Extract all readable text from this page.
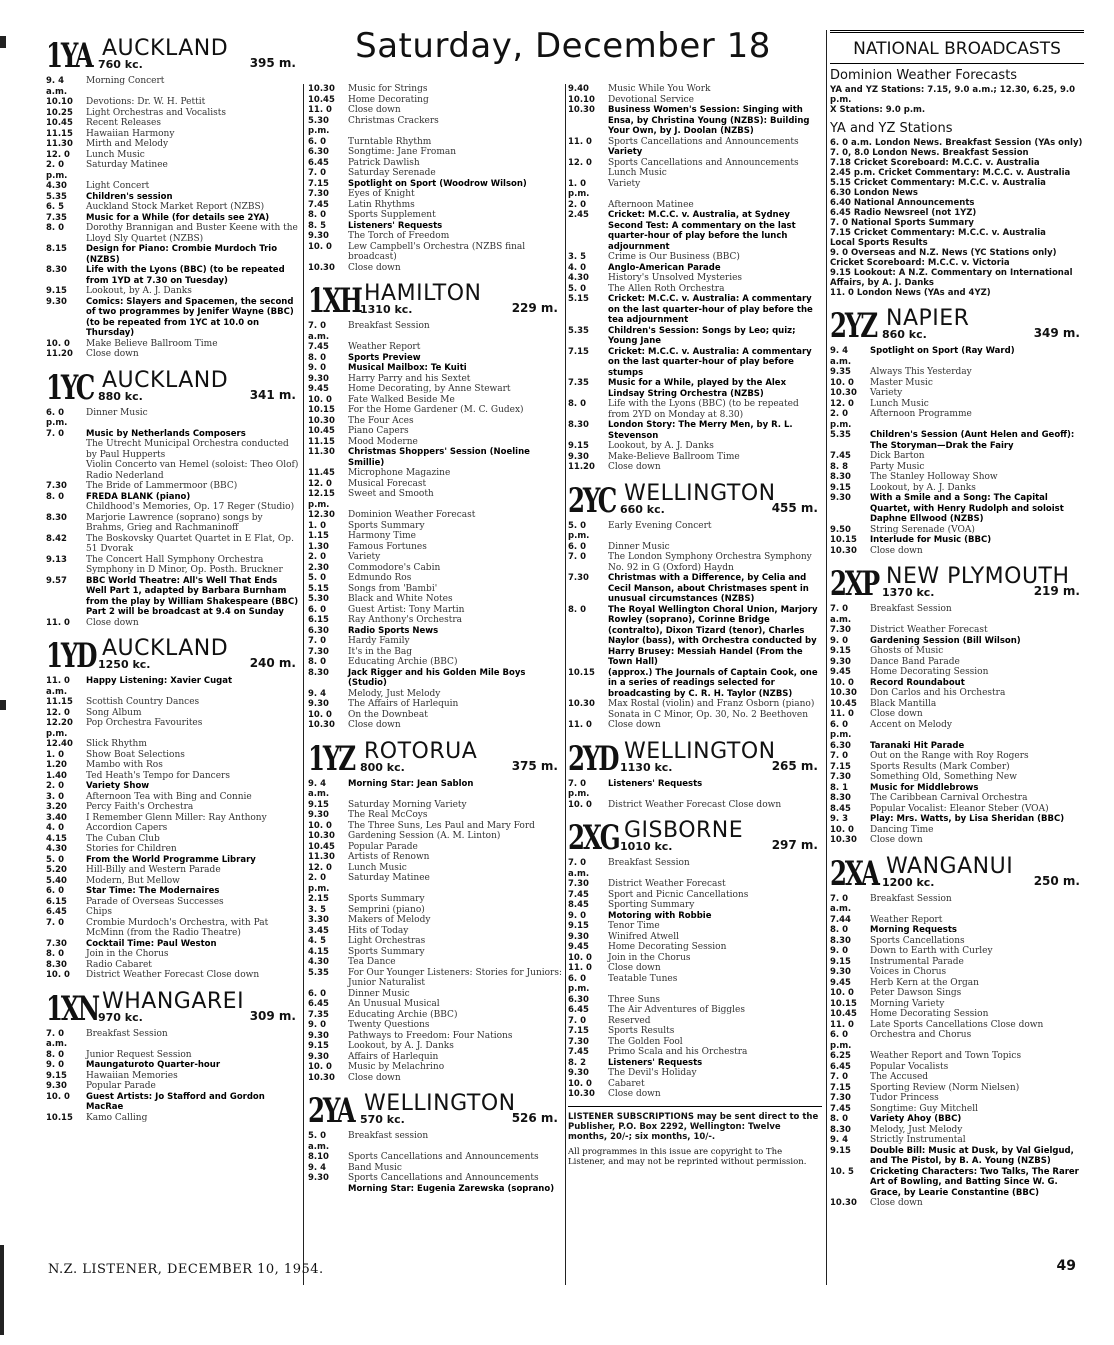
Saturday, December 18
1YA AUCKLAND
760 kc.	395 m.
9. 4 a.m.
Morning Concert
10.10	Devotions: Dr. W. H. Pettit
10.25	Light Orchestras and Vocalists
10.45	Recent Releases
11.15	Hawaiian Harmony
11.30	Mirth and Melody
12. 0	Lunch Music
2. 0 p.m.
Saturday Matinee
4.30	Light Concert
5.35	Children's session
6. 5	Auckland Stock Market Report (NZBS)
7.35	Music for a While (for details see 2YA)
8. 0	Dorothy Brannigan and Buster Keene with the Lloyd Sly Quartet (NZBS)
8.15	Design for Piano: Crombie Murdoch Trio (NZBS)
8.30	Life with the Lyons (BBC) (to be repeated from 1YD at 7.30 on Tuesday)
9.15	Lookout, by A. J. Danks
9.30	Comics: Slayers and Spacemen, the second of two programmes by Jenifer Wayne (BBC) (to be repeated from 1YC at 10.0 on Thursday)
10. 0	Make Believe Ballroom Time
11.20	Close down
1YC AUCKLAND
880 kc.	341 m.
6. 0 p.m.
Dinner Music
7. 0	Music by Netherlands Composers
The Utrecht Municipal Orchestra conducted by Paul Hupperts
Violin Concerto van Hemel (soloist: Theo Olof) Radio Nederland
7.30	The Bride of Lammermoor (BBC)
8. 0	FREDA BLANK (piano)
Childhood's Memories, Op. 17 Reger (Studio)
8.30	Marjorie Lawrence (soprano) songs by Brahms, Grieg and Rachmaninoff
8.42	The Boskovsky Quartet Quartet in E Flat, Op. 51 Dvorak
9.13	The Concert Hall Symphony Orchestra Symphony in D Minor, Op. Posth. Bruckner
9.57	BBC World Theatre: All's Well That Ends Well Part 1, adapted by Barbara Burnham from the play by William Shakespeare (BBC) Part 2 will be broadcast at 9.4 on Sunday
11. 0	Close down
1YD AUCKLAND
1250 kc.	240 m.
11. 0 a.m.
Happy Listening: Xavier Cugat
11.15	Scottish Country Dances
12. 0	Song Album
12.20 p.m.
Pop Orchestra Favourites
12.40	Slick Rhythm
1. 0	Show Boat Selections
1.20	Mambo with Ros
1.40	Ted Heath's Tempo for Dancers
2. 0	Variety Show
3. 0	Afternoon Tea with Bing and Connie
3.20	Percy Faith's Orchestra
3.40	I Remember Glenn Miller: Ray Anthony
4. 0	Accordion Capers
4.15	The Cuban Club
4.30	Stories for Children
5. 0	From the World Programme Library
5.20	Hill-Billy and Western Parade
5.40	Modern, But Mellow
6. 0	Star Time: The Modernaires
6.15	Parade of Overseas Successes
6.45	Chips
7. 0	Crombie Murdoch's Orchestra, with Pat McMinn (from the Radio Theatre)
7.30	Cocktail Time: Paul Weston
8. 0	Join in the Chorus
8.30	Radio Cabaret
10. 0	District Weather Forecast Close down
1XN WHANGAREI
970 kc.	309 m.
7. 0 a.m.
Breakfast Session
8. 0	Junior Request Session
9. 0	Maungaturoto Quarter-hour
9.15	Hawaiian Memories
9.30	Popular Parade
10. 0	Guest Artists: Jo Stafford and Gordon MacRae
10.15	Kamo Calling
10.30	Music for Strings
10.45	Home Decorating
11. 0	Close down
5.30 p.m.
Christmas Crackers
6. 0	Turntable Rhythm
6.30	Songtime: Jane Froman
6.45	Patrick Dawlish
7. 0	Saturday Serenade
7.15	Spotlight on Sport (Woodrow Wilson)
7.30	Eyes of Knight
7.45	Latin Rhythms
8. 0	Sports Supplement
8. 5	Listeners' Requests
9.30	The Torch of Freedom
10. 0	Lew Campbell's Orchestra (NZBS final broadcast)
10.30	Close down
1XH HAMILTON
1310 kc.	229 m.
7. 0 a.m.
Breakfast Session
7.45	Weather Report
8. 0	Sports Preview
9. 0	Musical Mailbox: Te Kuiti
9.30	Harry Parry and his Sextet
9.45	Home Decorating, by Anne Stewart
10. 0	Fate Walked Beside Me
10.15	For the Home Gardener (M. C. Gudex)
10.30	The Four Aces
10.45	Piano Capers
11.15	Mood Moderne
11.30	Christmas Shoppers' Session (Noeline Smillie)
11.45	Microphone Magazine
12. 0	Musical Forecast
12.15 p.m.
Sweet and Smooth
12.30	Dominion Weather Forecast
1. 0	Sports Summary
1.15	Harmony Time
1.30	Famous Fortunes
2. 0	Variety
2.30	Commodore's Cabin
5. 0	Edmundo Ros
5.15	Songs from 'Bambi'
5.30	Black and White Notes
6. 0	Guest Artist: Tony Martin
6.15	Ray Anthony's Orchestra
6.30	Radio Sports News
7. 0	Hardy Family
7.30	It's in the Bag
8. 0	Educating Archie (BBC)
8.30	Jack Rigger and his Golden Mile Boys (Studio)
9. 4	Melody, Just Melody
9.30	The Affairs of Harlequin
10. 0	On the Downbeat
10.30	Close down
1YZ ROTORUA
800 kc.	375 m.
9. 4 a.m.
Morning Star: Jean Sablon
9.15	Saturday Morning Variety
9.30	The Real McCoys
10. 0	The Three Suns, Les Paul and Mary Ford
10.30	Gardening Session (A. M. Linton)
10.45	Popular Parade
11.30	Artists of Renown
12. 0	Lunch Music
2. 0 p.m.
Saturday Matinee
2.15	Sports Summary
3. 5	Semprini (piano)
3.30	Makers of Melody
3.45	Hits of Today
4. 5	Light Orchestras
4.15	Sports Summary
4.30	Tea Dance
5.35	For Our Younger Listeners: Stories for Juniors: Junior Naturalist
6. 0	Dinner Music
6.45	An Unusual Musical
7.35	Educating Archie (BBC)
9. 0	Twenty Questions
9.30	Pathways to Freedom: Four Nations
9.15	Lookout, by A. J. Danks
9.30	Affairs of Harlequin
10. 0	Music by Melachrino
10.30	Close down
2YA WELLINGTON
570 kc.	526 m.
5. 0 a.m.
Breakfast session
8.10	Sports Cancellations and Announcements
9. 4	Band Music
9.30	Sports Cancellations and Announcements
Morning Star: Eugenia Zarewska (soprano)
9.40	Music While You Work
10.10	Devotional Service
10.30	Business Women's Session: Singing with Ensa, by Christina Young (NZBS): Building Your Own, by J. Doolan (NZBS)
11. 0	Sports Cancellations and Announcements
Variety
12. 0	Sports Cancellations and Announcements
Lunch Music
1. 0 p.m.
Variety
2. 0	Afternoon Matinee
2.45	Cricket: M.C.C. v. Australia, at Sydney Second Test: A commentary on the last quarter-hour of play before the lunch adjournment
3. 5	Crime is Our Business (BBC)
4. 0	Anglo-American Parade
4.30	History's Unsolved Mysteries
5. 0	The Allen Roth Orchestra
5.15	Cricket: M.C.C. v. Australia: A commentary on the last quarter-hour of play before the tea adjournment
5.35	Children's Session: Songs by Leo; quiz; Young Jane
7.15	Cricket: M.C.C. v. Australia: A commentary on the last quarter-hour of play before stumps
7.35	Music for a While, played by the Alex Lindsay String Orchestra (NZBS)
8. 0	Life with the Lyons (BBC) (to be repeated from 2YD on Monday at 8.30)
8.30	London Story: The Merry Men, by R. L. Stevenson
9.15	Lookout, by A. J. Danks
9.30	Make-Believe Ballroom Time
11.20	Close down
2YC WELLINGTON
660 kc.	455 m.
5. 0 p.m.
Early Evening Concert
6. 0	Dinner Music
7. 0	The London Symphony Orchestra Symphony No. 92 in G (Oxford) Haydn
7.30	Christmas with a Difference, by Celia and Cecil Manson, about Christmases spent in unusual circumstances (NZBS)
8. 0	The Royal Wellington Choral Union, Marjory Rowley (soprano), Corinne Bridge (contralto), Dixon Tizard (tenor), Charles Naylor (bass), with Orchestra conducted by Harry Brusey: Messiah Handel (From the Town Hall)
10.15	(approx.) The Journals of Captain Cook, one in a series of readings selected for broadcasting by C. R. H. Taylor (NZBS)
10.30	Max Rostal (violin) and Franz Osborn (piano) Sonata in C Minor, Op. 30, No. 2 Beethoven
11. 0	Close down
2YD WELLINGTON
1130 kc.	265 m.
7. 0 p.m.
Listeners' Requests
10. 0	District Weather Forecast Close down
2XG GISBORNE
1010 kc.	297 m.
7. 0 a.m.
Breakfast Session
7.30	District Weather Forecast
7.45	Sport and Picnic Cancellations
8.45	Sporting Summary
9. 0	Motoring with Robbie
9.15	Tenor Time
9.30	Winifred Atwell
9.45	Home Decorating Session
10. 0	Join in the Chorus
11. 0	Close down
6. 0 p.m.
Teatable Tunes
6.30	Three Suns
6.45	The Air Adventures of Biggles
7. 0	Reserved
7.15	Sports Results
7.30	The Golden Fool
7.45	Primo Scala and his Orchestra
8. 2	Listeners' Requests
9.30	The Devil's Holiday
10. 0	Cabaret
10.30	Close down
LISTENER SUBSCRIPTIONS may be sent direct to the Publisher, P.O. Box 2292, Wellington: Twelve months, 20/-; six months, 10/-.
All programmes in this issue are copyright to The Listener, and may not be reprinted without permission.
NATIONAL BROADCASTS
Dominion Weather Forecasts
YA and YZ Stations: 7.15, 9.0 a.m.; 12.30, 6.25, 9.0 p.m.
X Stations: 9.0 p.m.
YA and YZ Stations
6. 0 a.m. London News. Breakfast Session (YAs only)
7. 0, 8.0 London News. Breakfast Session
7.18 Cricket Scoreboard: M.C.C. v. Australia
2.45 p.m. Cricket Commentary: M.C.C. v. Australia
5.15 Cricket Commentary: M.C.C. v. Australia
6.30 London News
6.40 National Announcements
6.45 Radio Newsreel (not 1YZ)
7. 0 National Sports Summary
7.15 Cricket Commentary: M.C.C. v. Australia
Local Sports Results
9. 0 Overseas and N.Z. News (YC Stations only)
Cricket Scoreboard: M.C.C. v. Victoria
9.15 Lookout: A N.Z. Commentary on International Affairs, by A. J. Danks
11. 0 London News (YAs and 4YZ)
2YZ NAPIER
860 kc.	349 m.
9. 4 a.m.
Spotlight on Sport (Ray Ward)
9.35	Always This Yesterday
10. 0	Master Music
10.30	Variety
12. 0	Lunch Music
2. 0 p.m.
Afternoon Programme
5.35	Children's Session (Aunt Helen and Geoff): The Storyman—Drak the Fairy
7.45	Dick Barton
8. 8	Party Music
8.30	The Stanley Holloway Show
9.15	Lookout, by A. J. Danks
9.30	With a Smile and a Song: The Capital Quartet, with Henry Rudolph and soloist Daphne Ellwood (NZBS)
9.50	String Serenade (VOA)
10.15	Interlude for Music (BBC)
10.30	Close down
2XP NEW PLYMOUTH
1370 kc.	219 m.
7. 0 a.m.
Breakfast Session
7.30	District Weather Forecast
9. 0	Gardening Session (Bill Wilson)
9.15	Ghosts of Music
9.30	Dance Band Parade
9.45	Home Decorating Session
10. 0	Record Roundabout
10.30	Don Carlos and his Orchestra
10.45	Black Mantilla
11. 0	Close down
6. 0 p.m.
Accent on Melody
6.30	Taranaki Hit Parade
7. 0	Out on the Range with Roy Rogers
7.15	Sports Results (Mark Comber)
7.30	Something Old, Something New
8. 1	Music for Middlebrows
8.30	The Caribbean Carnival Orchestra
8.45	Popular Vocalist: Eleanor Steber (VOA)
9. 3	Play: Mrs. Watts, by Lisa Sheridan (BBC)
10. 0	Dancing Time
10.30	Close down
2XA WANGANUI
1200 kc.	250 m.
7. 0 a.m.
Breakfast Session
7.44	Weather Report
8. 0	Morning Requests
8.30	Sports Cancellations
9. 0	Down to Earth with Curley
9.15	Instrumental Parade
9.30	Voices in Chorus
9.45	Herb Kern at the Organ
10. 0	Peter Dawson Sings
10.15	Morning Variety
10.45	Home Decorating Session
11. 0	Late Sports Cancellations Close down
6. 0 p.m.
Orchestra and Chorus
6.25	Weather Report and Town Topics
6.45	Popular Vocalists
7. 0	The Accused
7.15	Sporting Review (Norm Nielsen)
7.30	Tudor Princess
7.45	Songtime: Guy Mitchell
8. 0	Variety Ahoy (BBC)
8.30	Melody, Just Melody
9. 4	Strictly Instrumental
9.15	Double Bill: Music at Dusk, by Val Gielgud, and The Pistol, by B. A. Young (NZBS)
10. 5	Cricketing Characters: Two Talks, The Rarer Art of Bowling, and Batting Since W. G. Grace, by Learie Constantine (BBC)
10.30	Close down
N.Z. LISTENER, DECEMBER 10, 1954.	49
